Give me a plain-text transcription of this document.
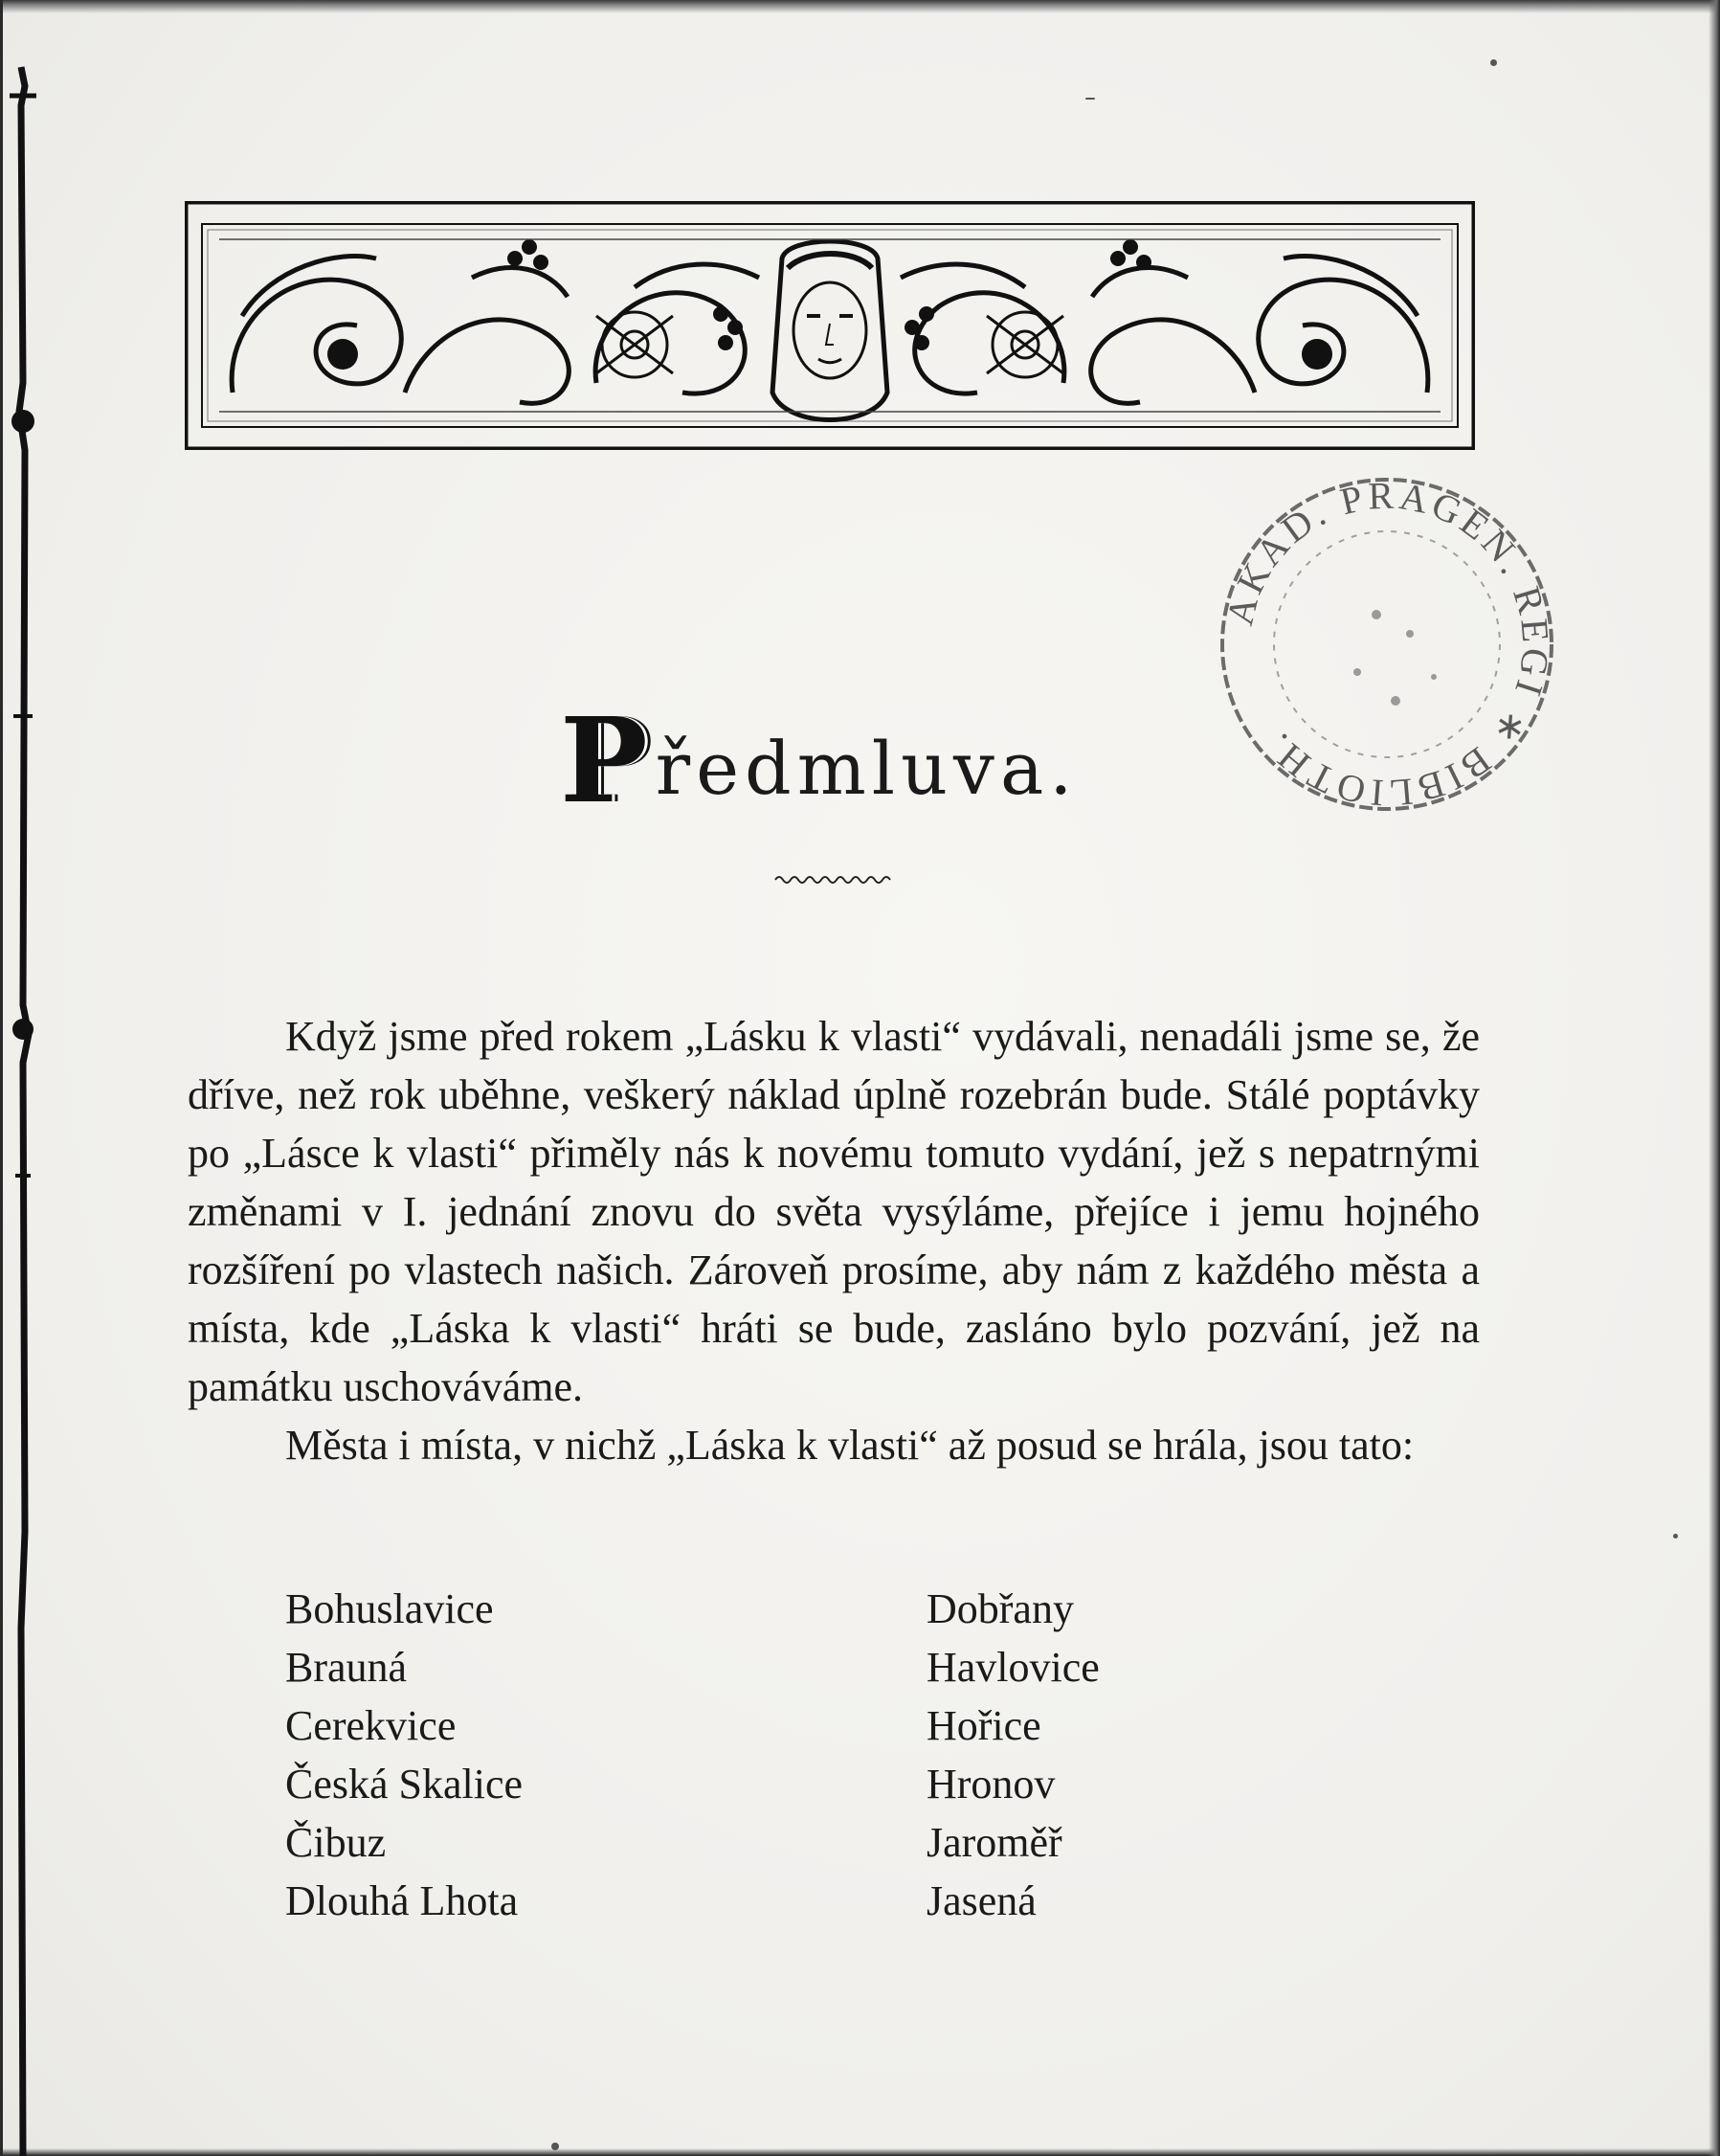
AKAD. PRAGEN. REGI ∗ BIBLIOTH.
P ředmluva.

Když jsme před rokem „Lásku k vlasti“ vydávali, nenadáli jsme se, že dříve, než rok uběhne, veškerý náklad úplně rozebrán bude. Stálé poptávky po „Lásce k vlasti“ přiměly nás k novému tomuto vydání, jež s nepatrnými změnami v I. jednání znovu do světa vysýláme, přejíce i jemu hojného rozšíření po vlastech našich. Zároveň prosíme, aby nám z každého města a místa, kde „Láska k vlasti“ hráti se bude, zasláno bylo pozvání, jež na památku uschováváme.

Města i místa, v nichž „Láska k vlasti“ až posud se hrála, jsou tato:

Bohuslavice
Brauná
Cerekvice
Česká Skalice
Čibuz
Dlouhá Lhota
Dobřany
Havlovice
Hořice
Hronov
Jaroměř
Jasená
